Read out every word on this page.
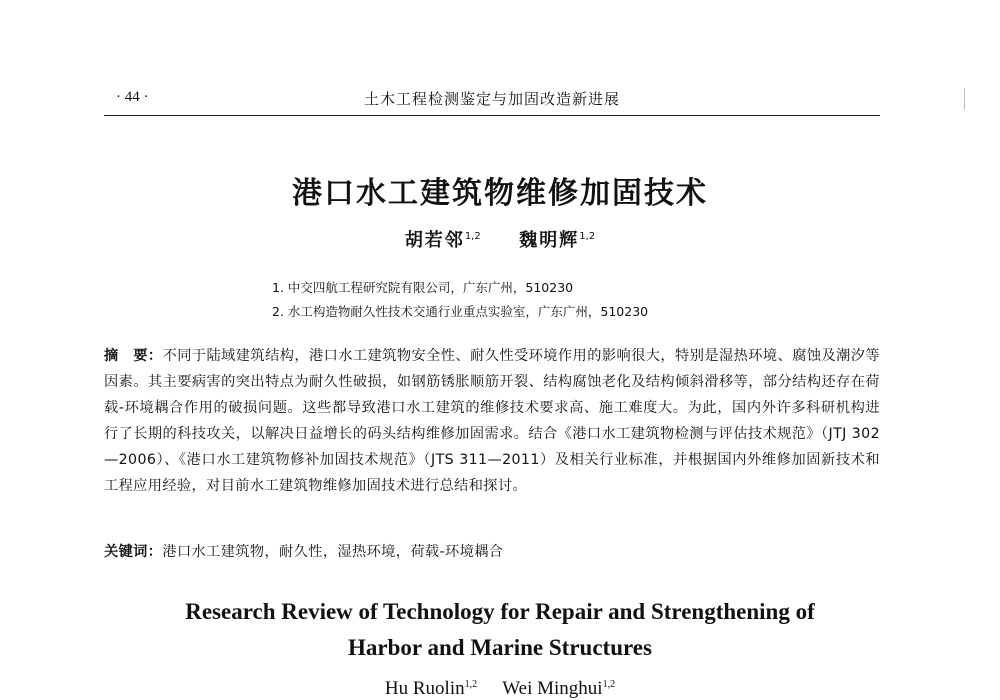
· 44 ·	土木工程检测鉴定与加固改造新进展
港口水工建筑物维修加固技术
胡若邻$^{1,2}$ 魏明辉$^{1,2}$
1. 中交四航工程研究院有限公司，广东广州，510230
2. 水工构造物耐久性技术交通行业重点实验室，广东广州，510230
摘　要：不同于陆域建筑结构，港口水工建筑物安全性、耐久性受环境作用的影响很大，特别是湿热环境、腐蚀及潮汐等因素。其主要病害的突出特点为耐久性破损，如钢筋锈胀顺筋开裂、结构腐蚀老化及结构倾斜滑移等，部分结构还存在荷载-环境耦合作用的破损问题。这些都导致港口水工建筑的维修技术要求高、施工难度大。为此，国内外许多科研机构进行了长期的科技攻关，以解决日益增长的码头结构维修加固需求。结合《港口水工建筑物检测与评估技术规范》（JTJ 302—2006）、《港口水工建筑物修补加固技术规范》（JTS 311—2011）及相关行业标准，并根据国内外维修加固新技术和工程应用经验，对目前水工建筑物维修加固技术进行总结和探讨。
关键词：港口水工建筑物，耐久性，湿热环境，荷载-环境耦合
Research Review of Technology for Repair and Strengthening of
Harbor and Marine Structures
Hu Ruolin$^{1,2}$ Wei Minghui$^{1,2}$
